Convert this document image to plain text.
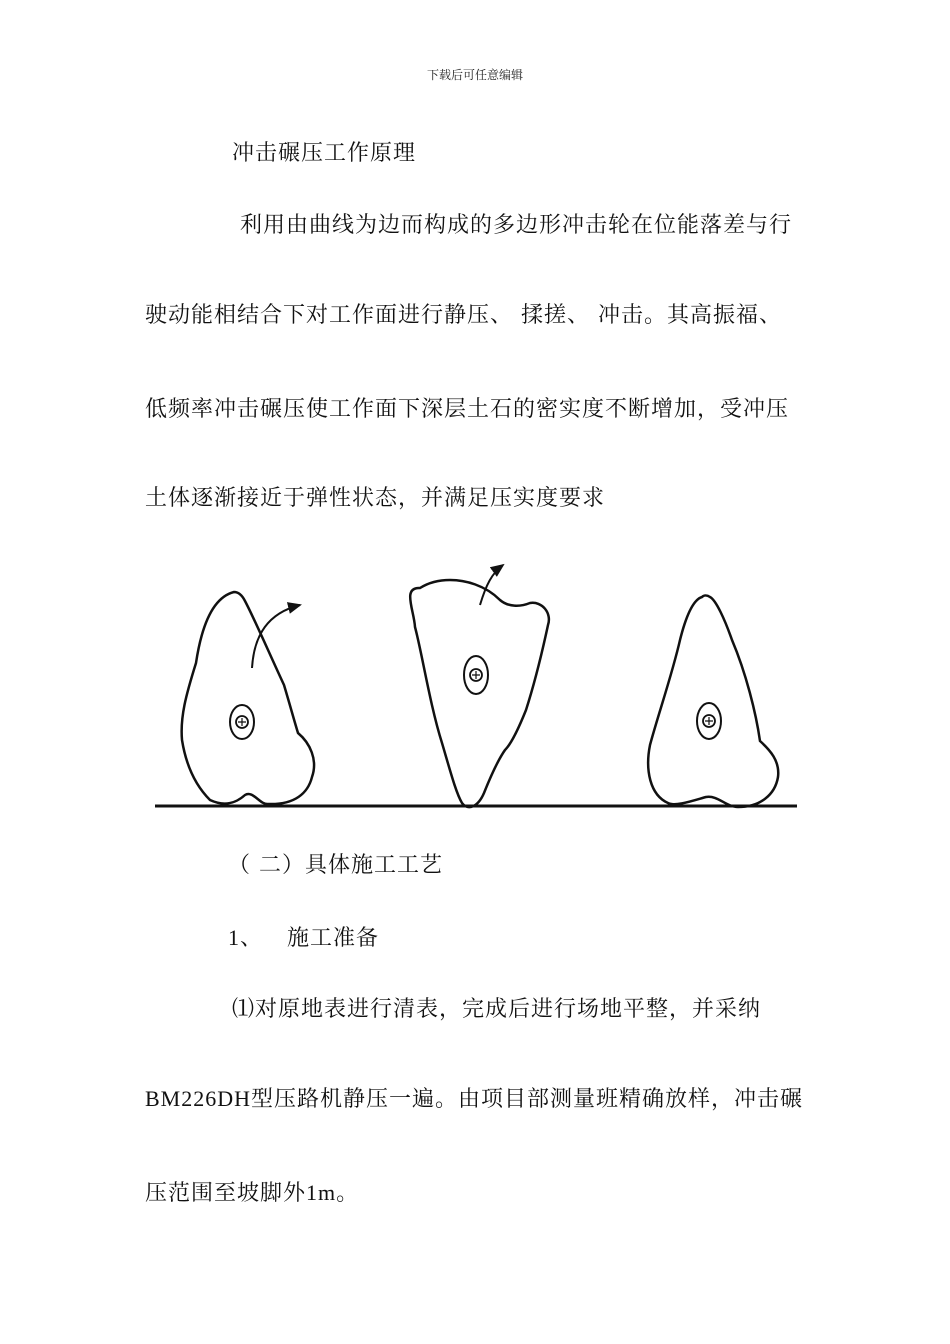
下载后可任意编辑
冲击碾压工作原理
利用由曲线为边而构成的多边形冲击轮在位能落差与行
驶动能相结合下对工作面进行静压、 揉搓、 冲击。其高振福、
低频率冲击碾压使工作面下深层土石的密实度不断增加，受冲压
土体逐渐接近于弹性状态，并满足压实度要求
（ 二）具体施工工艺
1、 施工准备
⑴对原地表进行清表，完成后进行场地平整，并采纳
BM226DH型压路机静压一遍。由项目部测量班精确放样，冲击碾
压范围至坡脚外1m。
